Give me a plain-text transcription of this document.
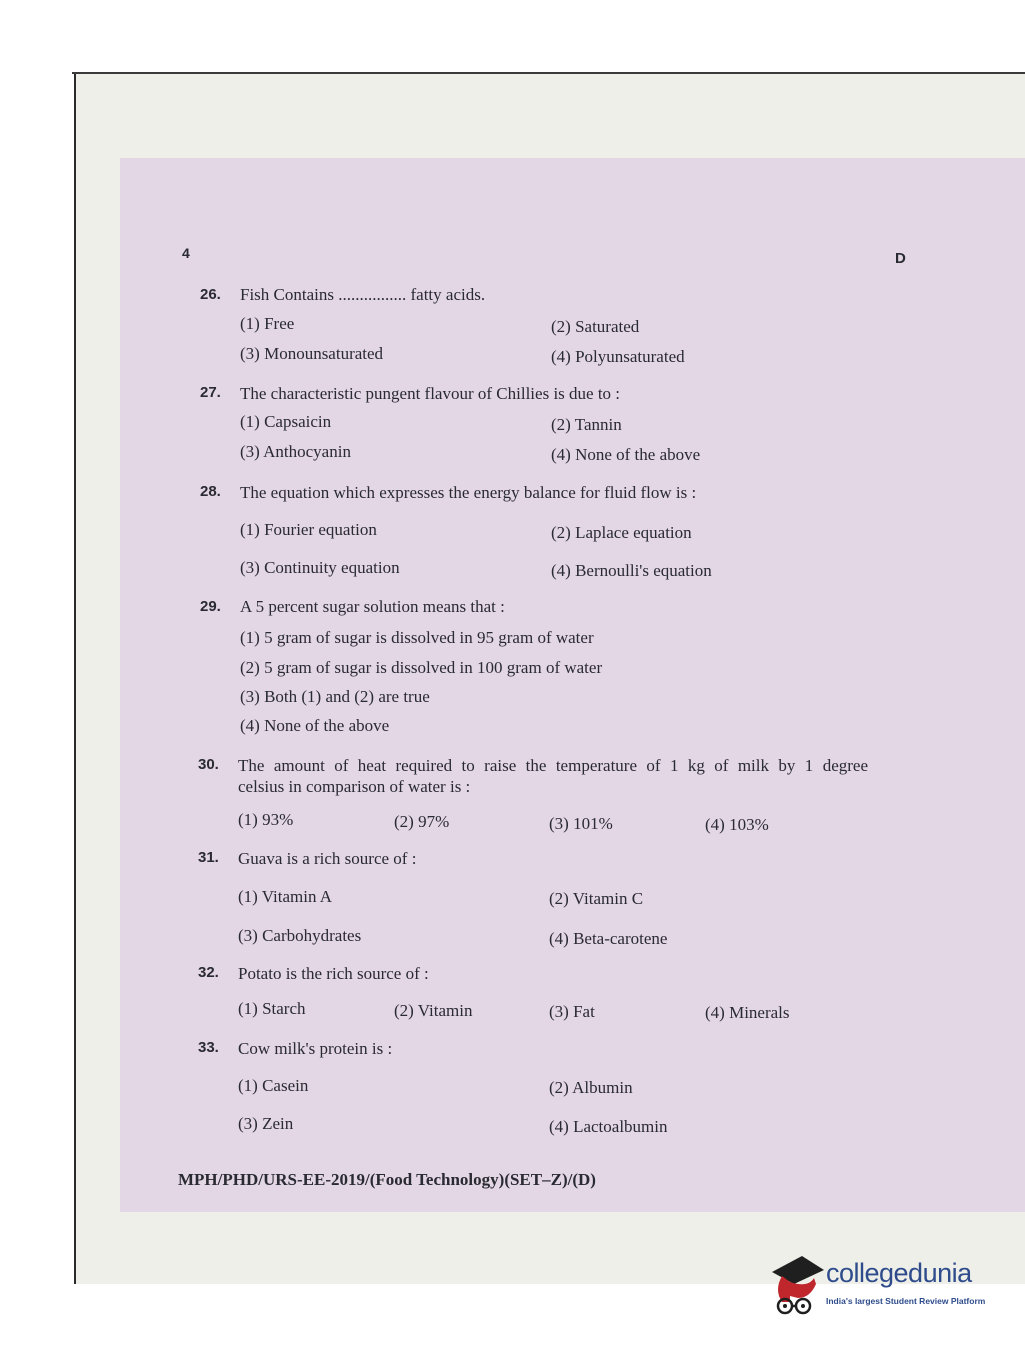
4	D
26. Fish Contains ................ fatty acids.
(1) Free	(2) Saturated
(3) Monounsaturated	(4) Polyunsaturated
27. The characteristic pungent flavour of Chillies is due to :
(1) Capsaicin	(2) Tannin
(3) Anthocyanin	(4) None of the above
28. The equation which expresses the energy balance for fluid flow is :
(1) Fourier equation	(2) Laplace equation
(3) Continuity equation	(4) Bernoulli's equation
29. A 5 percent sugar solution means that :
(1) 5 gram of sugar is dissolved in 95 gram of water
(2) 5 gram of sugar is dissolved in 100 gram of water
(3) Both (1) and (2) are true
(4) None of the above
30. The amount of heat required to raise the temperature of 1 kg of milk by 1 degree
celsius in comparison of water is :
(1) 93%	(2) 97%	(3) 101%	(4) 103%
31. Guava is a rich source of :
(1) Vitamin A	(2) Vitamin C
(3) Carbohydrates	(4) Beta-carotene
32. Potato is the rich source of :
(1) Starch	(2) Vitamin	(3) Fat	(4) Minerals
33. Cow milk's protein is :
(1) Casein	(2) Albumin
(3) Zein	(4) Lactoalbumin
MPH/PHD/URS-EE-2019/(Food Technology)(SET–Z)/(D)
collegedunia
India's largest Student Review Platform
